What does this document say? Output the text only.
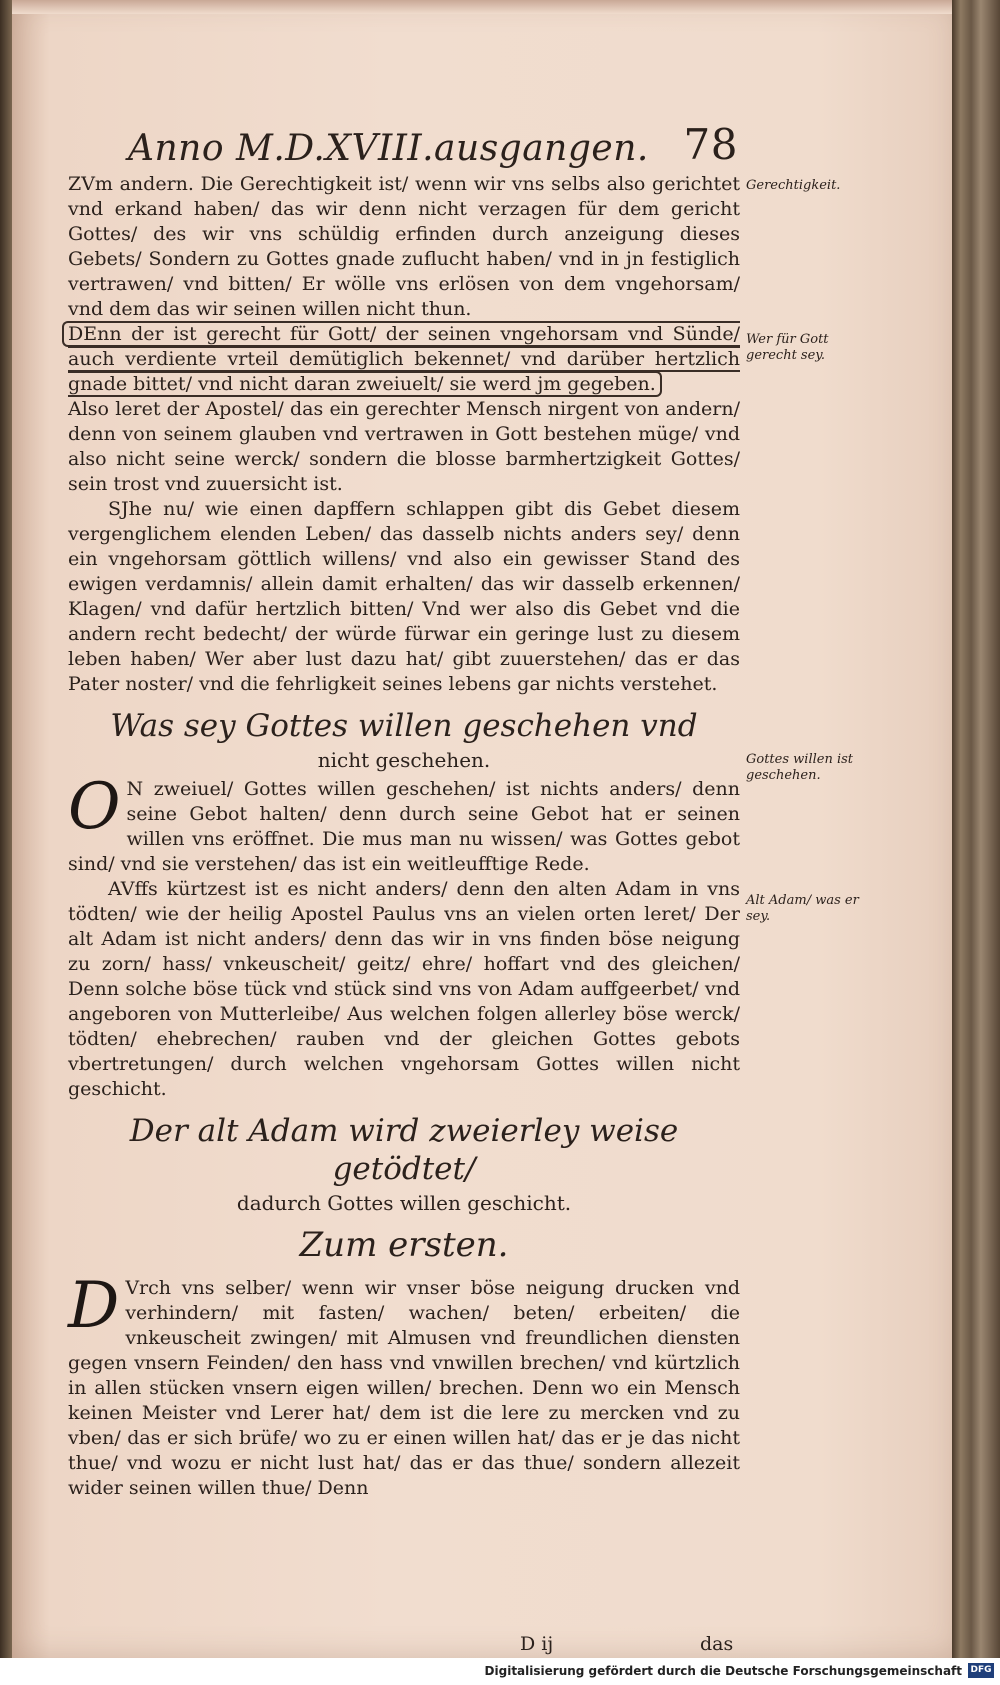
Anno M.D.XVIII.ausgangen. 78

ZVm andern. Die Gerechtigkeit ist/ wenn wir vns selbs also gerichtet vnd erkand haben/ das wir denn nicht verzagen für dem gericht Gottes/ des wir vns schüldig erfinden durch anzeigung dieses Gebets/ Sondern zu Gottes gnade zuflucht haben/ vnd in jn festiglich vertrawen/ vnd bitten/ Er wölle vns erlösen von dem vngehorsam/ vnd dem das wir seinen willen nicht thun.

DEnn der ist gerecht für Gott/ der seinen vngehorsam vnd Sünde/ auch verdiente vrteil demütiglich bekennet/ vnd darüber hertzlich gnade bittet/ vnd nicht daran zweiuelt/ sie werd jm gegeben.

Also leret der Apostel/ das ein gerechter Mensch nirgent von andern/ denn von seinem glauben vnd vertrawen in Gott bestehen müge/ vnd also nicht seine werck/ sondern die blosse barmhertzigkeit Gottes/ sein trost vnd zuuersicht ist.

SJhe nu/ wie einen dapffern schlappen gibt dis Gebet diesem vergenglichem elenden Leben/ das dasselb nichts anders sey/ denn ein vngehorsam göttlich willens/ vnd also ein gewisser Stand des ewigen verdamnis/ allein damit erhalten/ das wir dasselb erkennen/ Klagen/ vnd dafür hertzlich bitten/ Vnd wer also dis Gebet vnd die andern recht bedecht/ der würde fürwar ein geringe lust zu diesem leben haben/ Wer aber lust dazu hat/ gibt zuuerstehen/ das er das Pater noster/ vnd die fehrligkeit seines lebens gar nichts verstehet.

Was sey Gottes willen geschehen vnd
nicht geschehen.

O N zweiuel/ Gottes willen geschehen/ ist nichts anders/ denn seine Gebot halten/ denn durch seine Gebot hat er seinen willen vns eröffnet. Die mus man nu wissen/ was Gottes gebot sind/ vnd sie verstehen/ das ist ein weitleufftige Rede.

AVffs kürtzest ist es nicht anders/ denn den alten Adam in vns tödten/ wie der heilig Apostel Paulus vns an vielen orten leret/ Der alt Adam ist nicht anders/ denn das wir in vns finden böse neigung zu zorn/ hass/ vnkeuscheit/ geitz/ ehre/ hoffart vnd des gleichen/ Denn solche böse tück vnd stück sind vns von Adam auffgeerbet/ vnd angeboren von Mutterleibe/ Aus welchen folgen allerley böse werck/ tödten/ ehebrechen/ rauben vnd der gleichen Gottes gebots vbertretungen/ durch welchen vngehorsam Gottes willen nicht geschicht.

Der alt Adam wird zweierley weise getödtet/
dadurch Gottes willen geschicht.
Zum ersten.

D Vrch vns selber/ wenn wir vnser böse neigung drucken vnd verhindern/ mit fasten/ wachen/ beten/ erbeiten/ die vnkeuscheit zwingen/ mit Almusen vnd freundlichen diensten gegen vnsern Feinden/ den hass vnd vnwillen brechen/ vnd kürtzlich in allen stücken vnsern eigen willen/ brechen. Denn wo ein Mensch keinen Meister vnd Lerer hat/ dem ist die lere zu mercken vnd zu vben/ das er sich brüfe/ wo zu er einen willen hat/ das er je das nicht thue/ vnd wozu er nicht lust hat/ das er das thue/ sondern allezeit wider seinen willen thue/ Denn

D ij	das
Gerechtigkeit.
Wer für Gott gerecht sey.
Gottes willen ist geschehen.
Alt Adam/ was er sey.
Digitalisierung gefördert durch die Deutsche Forschungsgemeinschaft DFG
